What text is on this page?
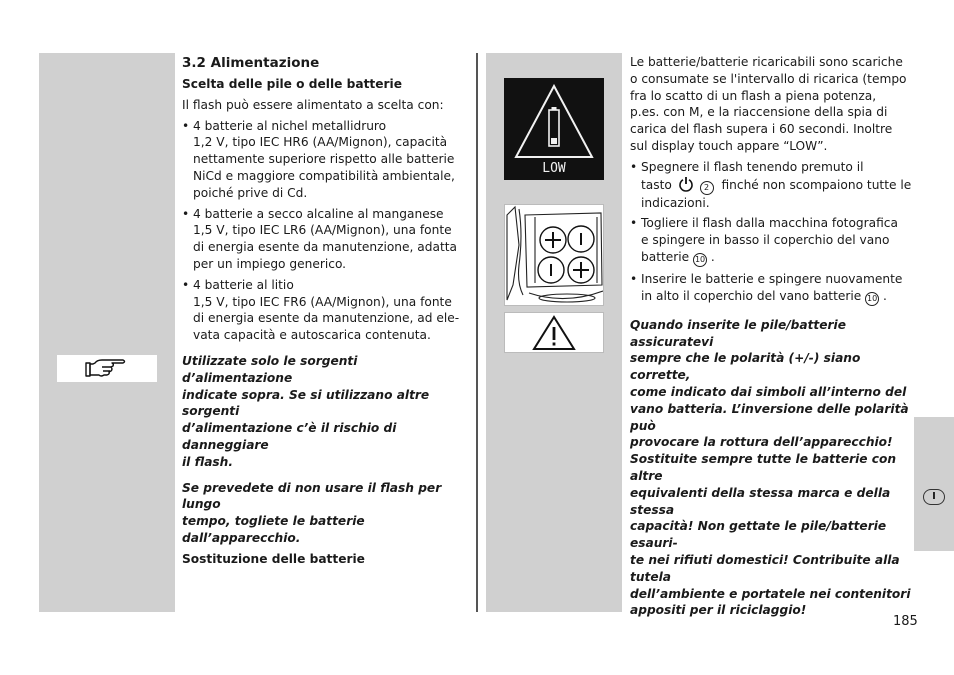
3.2 Alimentazione

Scelta delle pile o delle batterie

Il flash può essere alimentato a scelta con:

• 4 batterie al nichel metallidruro

1,2 V, tipo IEC HR6 (AA/Mignon), capacità

nettamente superiore rispetto alle batterie

NiCd e maggiore compatibilità ambientale,

poiché prive di Cd.

• 4 batterie a secco alcaline al manganese

1,5 V, tipo IEC LR6 (AA/Mignon), una fonte

di energia esente da manutenzione, adatta

per un impiego generico.

• 4 batterie al litio

1,5 V, tipo IEC FR6 (AA/Mignon), una fonte

di energia esente da manutenzione, ad ele-

vata capacità e autoscarica contenuta.

Utilizzate solo le sorgenti d’alimentazione

indicate sopra. Se si utilizzano altre sorgenti

d’alimentazione c’è il rischio di danneggiare

il flash.

Se prevedete di non usare il flash per lungo

tempo, togliete le batterie dall’apparecchio.

Sostituzione delle batterie

LOW

Le batterie/batterie ricaricabili sono scariche

o consumate se l'intervallo di ricarica (tempo

fra lo scatto di un flash a piena potenza,

p.es. con M, e la riaccensione della spia di

carica del flash supera i 60 secondi. Inoltre

sul display touch appare “LOW”.

• Spegnere il flash tenendo premuto il

tasto	2 finché non scompaiono tutte le

indicazioni.

• Togliere il flash dalla macchina fotografica

e spingere in basso il coperchio del vano

batterie 10 .

• Inserire le batterie e spingere nuovamente

in alto il coperchio del vano batterie 10 .

Quando inserite le pile/batterie assicuratevi

sempre che le polarità (+/-) siano corrette,

come indicato dai simboli all’interno del

vano batteria. L’inversione delle polarità può

provocare la rottura dell’apparecchio!

Sostituite sempre tutte le batterie con altre

equivalenti della stessa marca e della stessa

capacità! Non gettate le pile/batterie esauri-

te nei rifiuti domestici! Contribuite alla tutela

dell’ambiente e portatele nei contenitori

appositi per il riciclaggio!

I
185
